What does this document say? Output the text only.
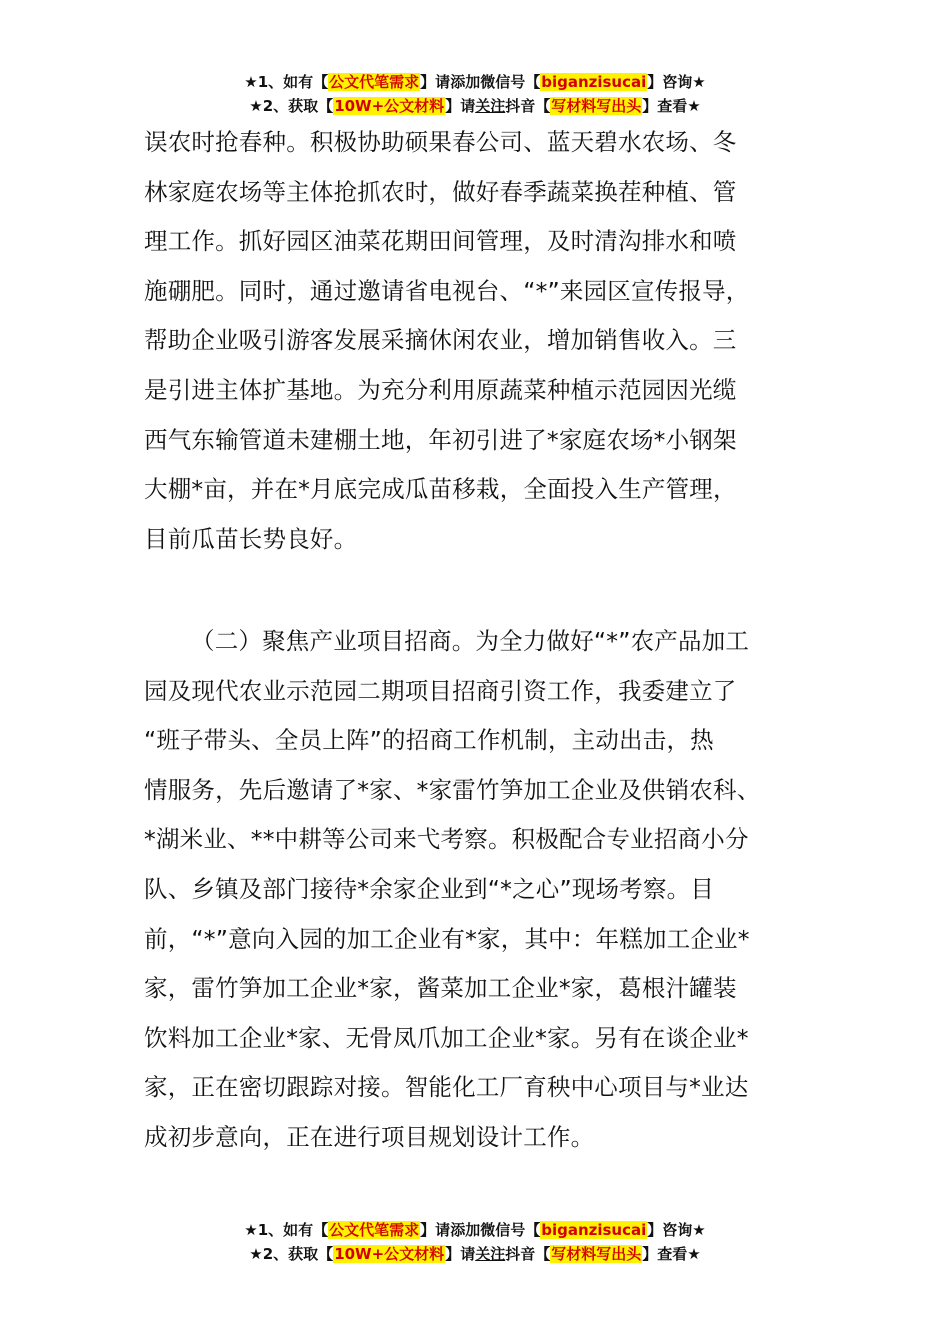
★1、如有【公文代笔需求】请添加微信号【biganzisucai】咨询★
★2、获取【10W+公文材料】请关注抖音【写材料写出头】查看★
误农时抢春种。积极协助硕果春公司、蓝天碧水农场、冬
林家庭农场等主体抢抓农时，做好春季蔬菜换茬种植、管
理工作。抓好园区油菜花期田间管理，及时清沟排水和喷
施硼肥。同时，通过邀请省电视台、“*”来园区宣传报导，
帮助企业吸引游客发展采摘休闲农业，增加销售收入。三
是引进主体扩基地。为充分利用原蔬菜种植示范园因光缆
西气东输管道未建棚土地，年初引进了*家庭农场*小钢架
大棚*亩，并在*月底完成瓜苗移栽，全面投入生产管理，
目前瓜苗长势良好。
（二）聚焦产业项目招商。为全力做好“*”农产品加工
园及现代农业示范园二期项目招商引资工作，我委建立了
“班子带头、全员上阵”的招商工作机制，主动出击，热
情服务，先后邀请了*家、*家雷竹笋加工企业及供销农科、
*湖米业、**中耕等公司来弋考察。积极配合专业招商小分
队、乡镇及部门接待*余家企业到“*之心”现场考察。目
前，“*”意向入园的加工企业有*家，其中：年糕加工企业*
家，雷竹笋加工企业*家，酱菜加工企业*家，葛根汁罐装
饮料加工企业*家、无骨凤爪加工企业*家。另有在谈企业*
家，正在密切跟踪对接。智能化工厂育秧中心项目与*业达
成初步意向，正在进行项目规划设计工作。
★1、如有【公文代笔需求】请添加微信号【biganzisucai】咨询★
★2、获取【10W+公文材料】请关注抖音【写材料写出头】查看★
